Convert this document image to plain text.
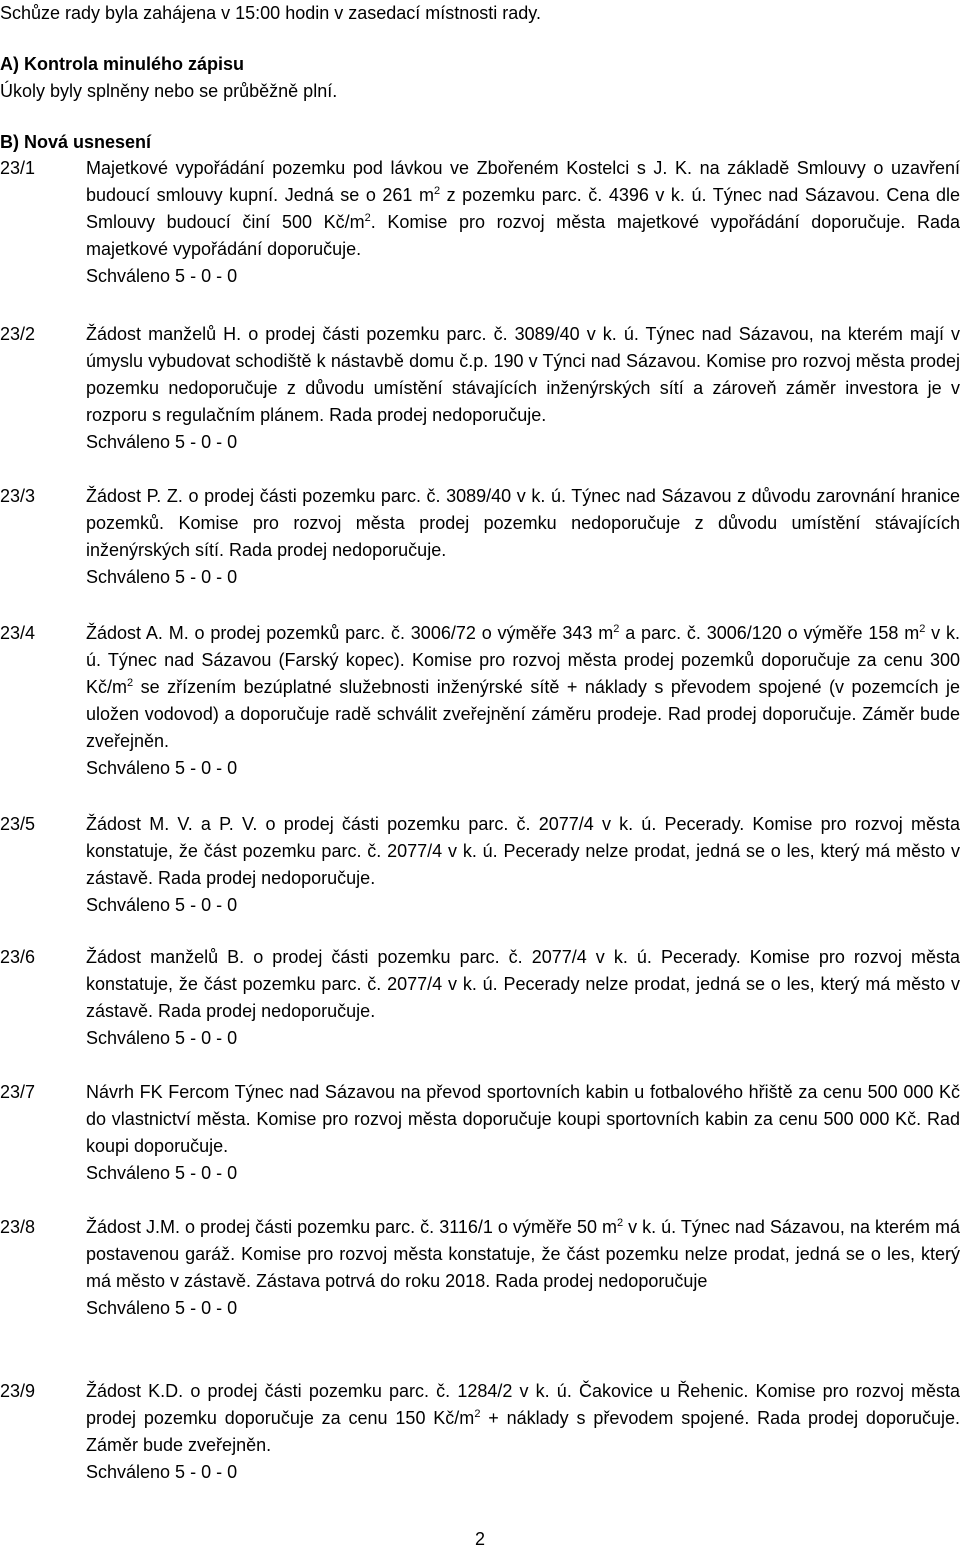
Schůze rady byla zahájena v 15:00 hodin v zasedací místnosti rady.
A) Kontrola minulého zápisu
Úkoly byly splněny nebo se průběžně plní.
B) Nová usnesení
23/1	Majetkové vypořádání pozemku pod lávkou ve Zbořeném Kostelci s J. K. na základě Smlouvy o uzavření budoucí smlouvy kupní. Jedná se o 261 $m^2$ z pozemku parc. č. 4396 v k. ú. Týnec nad Sázavou. Cena dle Smlouvy budoucí činí 500 $Kč/m^2$. Komise pro rozvoj města majetkové vypořádání doporučuje. Rada majetkové vypořádání doporučuje.
Schváleno 5 - 0 - 0
23/2	Žádost manželů H. o prodej části pozemku parc. č. 3089/40 v k. ú. Týnec nad Sázavou, na kterém mají v úmyslu vybudovat schodiště k nástavbě domu č.p. 190 v Týnci nad Sázavou. Komise pro rozvoj města prodej pozemku nedoporučuje z důvodu umístění stávajících inženýrských sítí a zároveň záměr investora je v rozporu s regulačním plánem. Rada prodej nedoporučuje.
Schváleno 5 - 0 - 0
23/3	Žádost P. Z. o prodej části pozemku parc. č. 3089/40 v k. ú. Týnec nad Sázavou z důvodu zarovnání hranice pozemků. Komise pro rozvoj města prodej pozemku nedoporučuje z důvodu umístění stávajících inženýrských sítí. Rada prodej nedoporučuje.
Schváleno 5 - 0 - 0
23/4	Žádost A. M. o prodej pozemků parc. č. 3006/72 o výměře 343 $m^2$ a parc. č. 3006/120 o výměře 158 $m^2$ v k. ú. Týnec nad Sázavou (Farský kopec). Komise pro rozvoj města prodej pozemků doporučuje za cenu 300 $Kč/m^2$ se zřízením bezúplatné služebnosti inženýrské sítě + náklady s převodem spojené (v pozemcích je uložen vodovod) a doporučuje radě schválit zveřejnění záměru prodeje. Rad prodej doporučuje. Záměr bude zveřejněn.
Schváleno 5 - 0 - 0
23/5	Žádost M. V. a P. V. o prodej části pozemku parc. č. 2077/4 v k. ú. Pecerady. Komise pro rozvoj města konstatuje, že část pozemku parc. č. 2077/4 v k. ú. Pecerady nelze prodat, jedná se o les, který má město v zástavě. Rada prodej nedoporučuje.
Schváleno 5 - 0 - 0
23/6	Žádost manželů B. o prodej části pozemku parc. č. 2077/4 v k. ú. Pecerady. Komise pro rozvoj města konstatuje, že část pozemku parc. č. 2077/4 v k. ú. Pecerady nelze prodat, jedná se o les, který má město v zástavě. Rada prodej nedoporučuje.
Schváleno 5 - 0 - 0
23/7	Návrh FK Fercom Týnec nad Sázavou na převod sportovních kabin u fotbalového hřiště za cenu 500 000 Kč do vlastnictví města. Komise pro rozvoj města doporučuje koupi sportovních kabin za cenu 500 000 Kč. Rad koupi doporučuje.
Schváleno 5 - 0 - 0
23/8	Žádost J.M. o prodej části pozemku parc. č. 3116/1 o výměře 50 $m^2$ v k. ú. Týnec nad Sázavou, na kterém má postavenou garáž. Komise pro rozvoj města konstatuje, že část pozemku nelze prodat, jedná se o les, který má město v zástavě. Zástava potrvá do roku 2018. Rada prodej nedoporučuje
Schváleno 5 - 0 - 0
23/9	Žádost K.D. o prodej části pozemku parc. č. 1284/2 v k. ú. Čakovice u Řehenic. Komise pro rozvoj města prodej pozemku doporučuje za cenu 150 $Kč/m^2$ + náklady s převodem spojené. Rada prodej doporučuje. Záměr bude zveřejněn.
Schváleno 5 - 0 - 0
2
